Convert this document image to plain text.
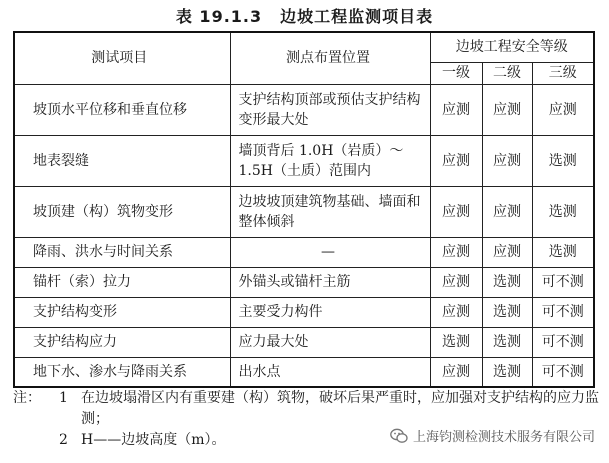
表 19.1.3 边坡工程监测项目表
测试项目	测点布置位置	边坡工程安全等级		
		一级	二级	三级
坡顶水平位移和垂直位移	支护结构顶部或预估支护结构变形最大处	应测	应测	应测
地表裂缝	墙顶背后 1.0H（岩质）～1.5H（土质）范围内	应测	应测	选测
坡顶建（构）筑物变形	边坡坡顶建筑物基础、墙面和整体倾斜	应测	应测	选测
降雨、洪水与时间关系	—	应测	应测	选测
锚杆（索）拉力	外锚头或锚杆主筋	应测	选测	可不测
支护结构变形	主要受力构件	应测	选测	可不测
支护结构应力	应力最大处	选测	选测	可不测
地下水、渗水与降雨关系	出水点	应测	选测	可不测
注：	1 在边坡塌滑区内有重要建（构）筑物，破坏后果严重时，应加强对支护结构的应力监测；
2 H——边坡高度（m）。	上海钧测检测技术服务有限公司
